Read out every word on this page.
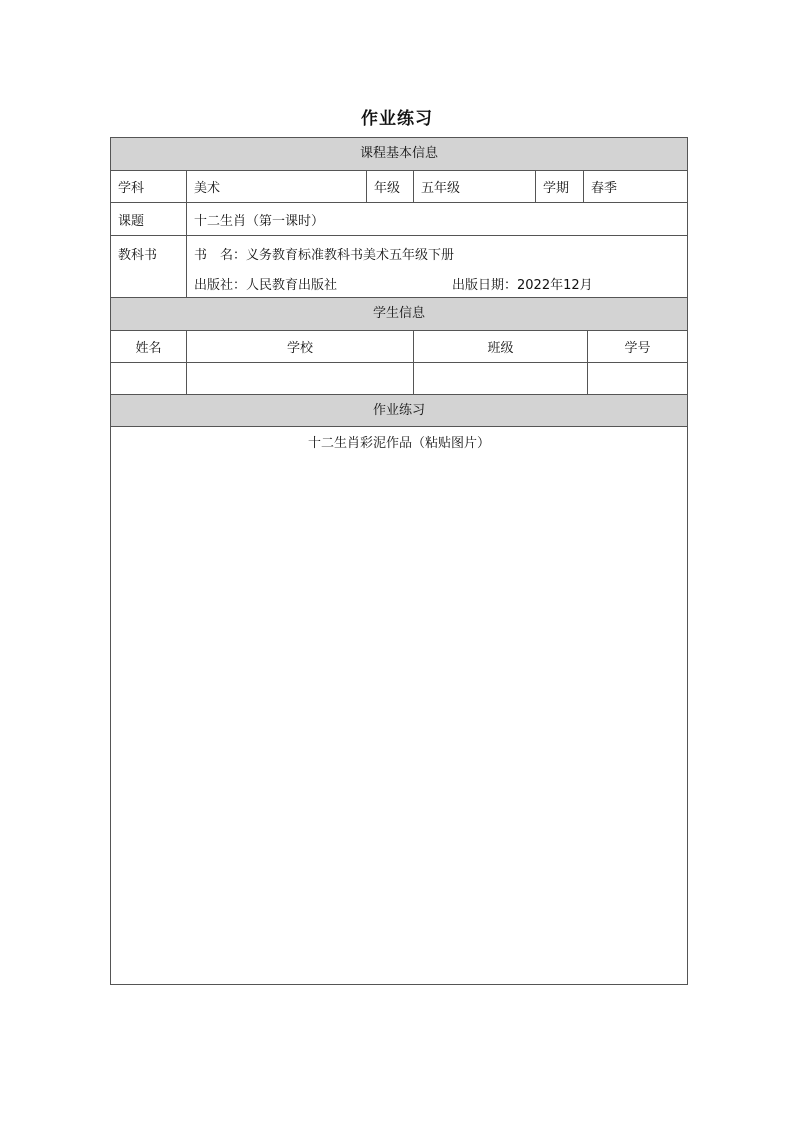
作业练习
课程基本信息
学科	美术	年级	五年级	学期	春季
课题	十二生肖（第一课时）
教科书	书　名：义务教育标准教科书美术五年级下册
出版社：人民教育出版社	出版日期：2022年12月
学生信息
姓名	学校	班级	学号
作业练习
十二生肖彩泥作品（粘贴图片）
